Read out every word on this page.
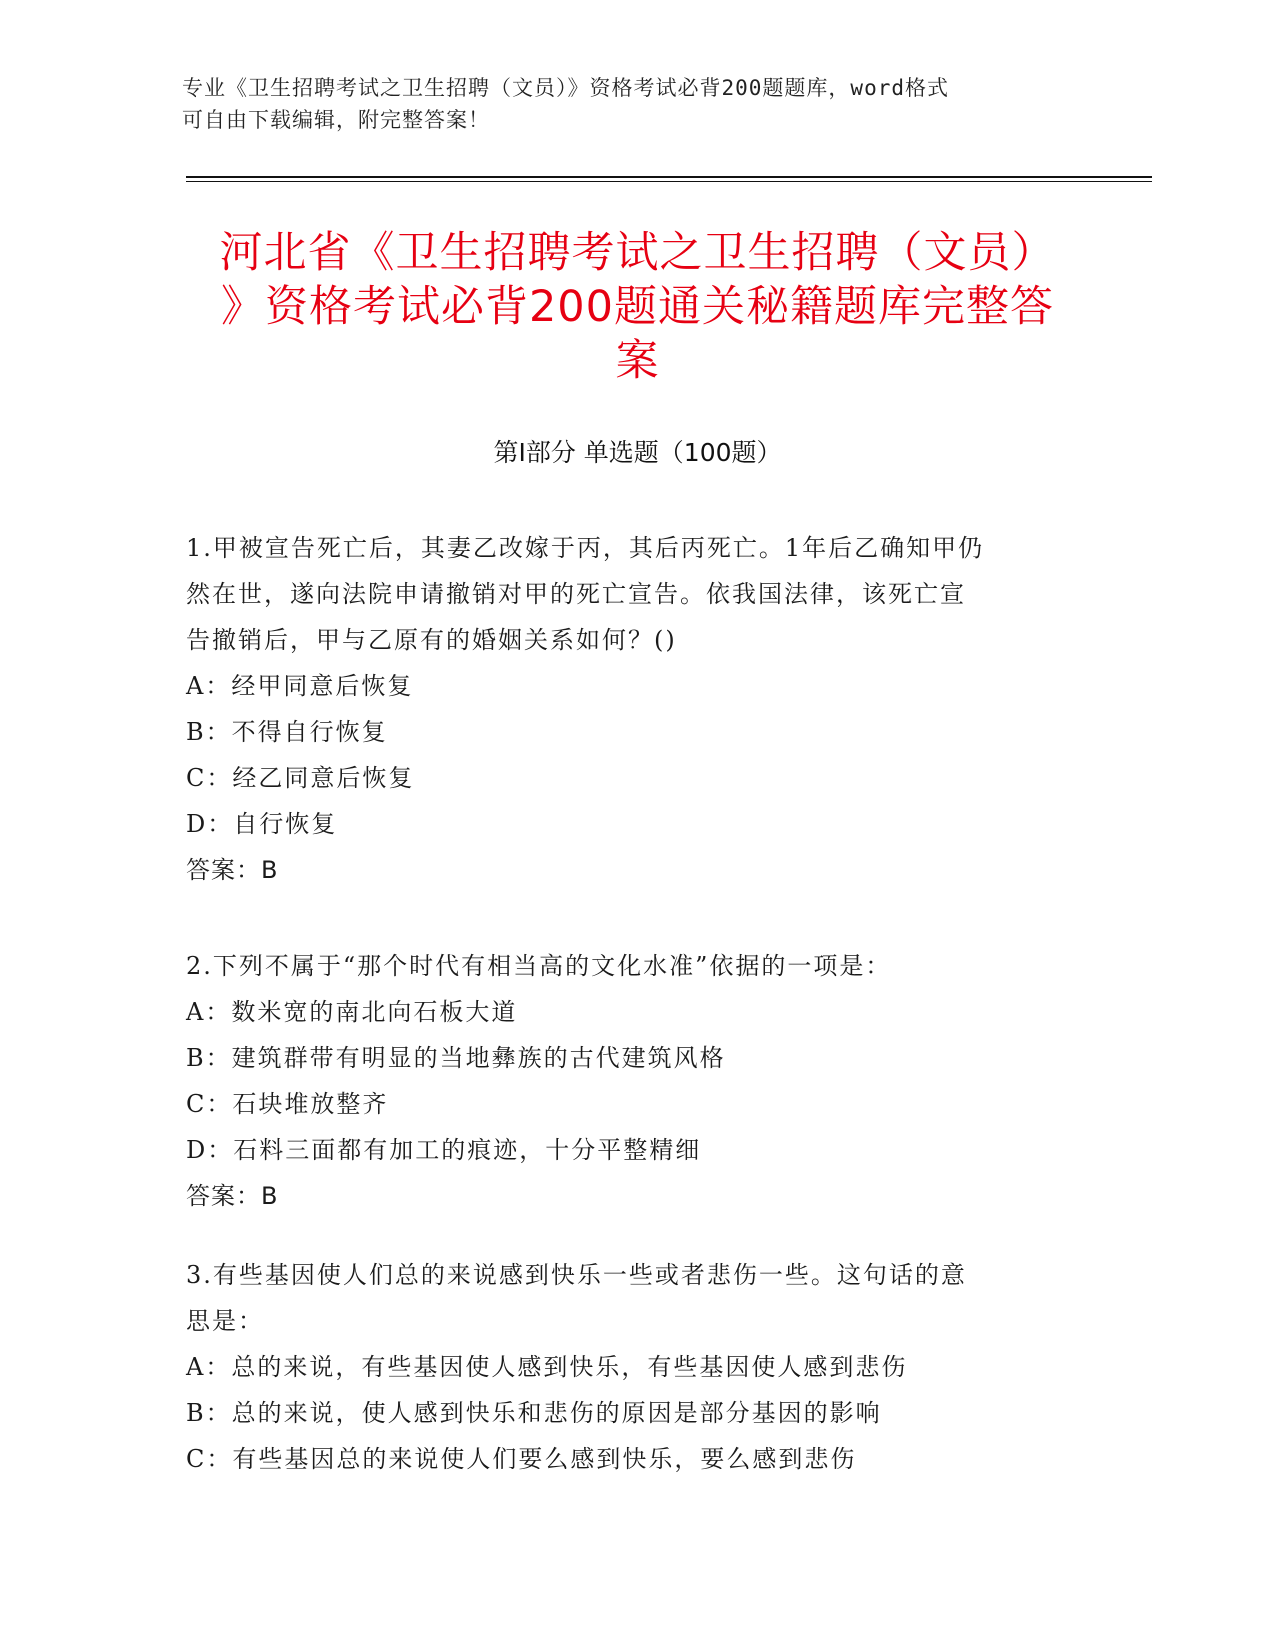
专业《卫生招聘考试之卫生招聘（文员）》资格考试必背200题题库，word格式
可自由下载编辑，附完整答案！
河北省《卫生招聘考试之卫生招聘（文员）
》资格考试必背200题通关秘籍题库完整答
案
第Ⅰ部分 单选题（100题）

1.甲被宣告死亡后，其妻乙改嫁于丙，其后丙死亡。1年后乙确知甲仍

然在世，遂向法院申请撤销对甲的死亡宣告。依我国法律，该死亡宣

告撤销后，甲与乙原有的婚姻关系如何？()

A：经甲同意后恢复

B：不得自行恢复

C：经乙同意后恢复

D：自行恢复

答案：B

2.下列不属于“那个时代有相当高的文化水准”依据的一项是：

A：数米宽的南北向石板大道

B：建筑群带有明显的当地彝族的古代建筑风格

C：石块堆放整齐

D：石料三面都有加工的痕迹，十分平整精细

答案：B

3.有些基因使人们总的来说感到快乐一些或者悲伤一些。这句话的意

思是：

A：总的来说，有些基因使人感到快乐，有些基因使人感到悲伤

B：总的来说，使人感到快乐和悲伤的原因是部分基因的影响

C：有些基因总的来说使人们要么感到快乐，要么感到悲伤
